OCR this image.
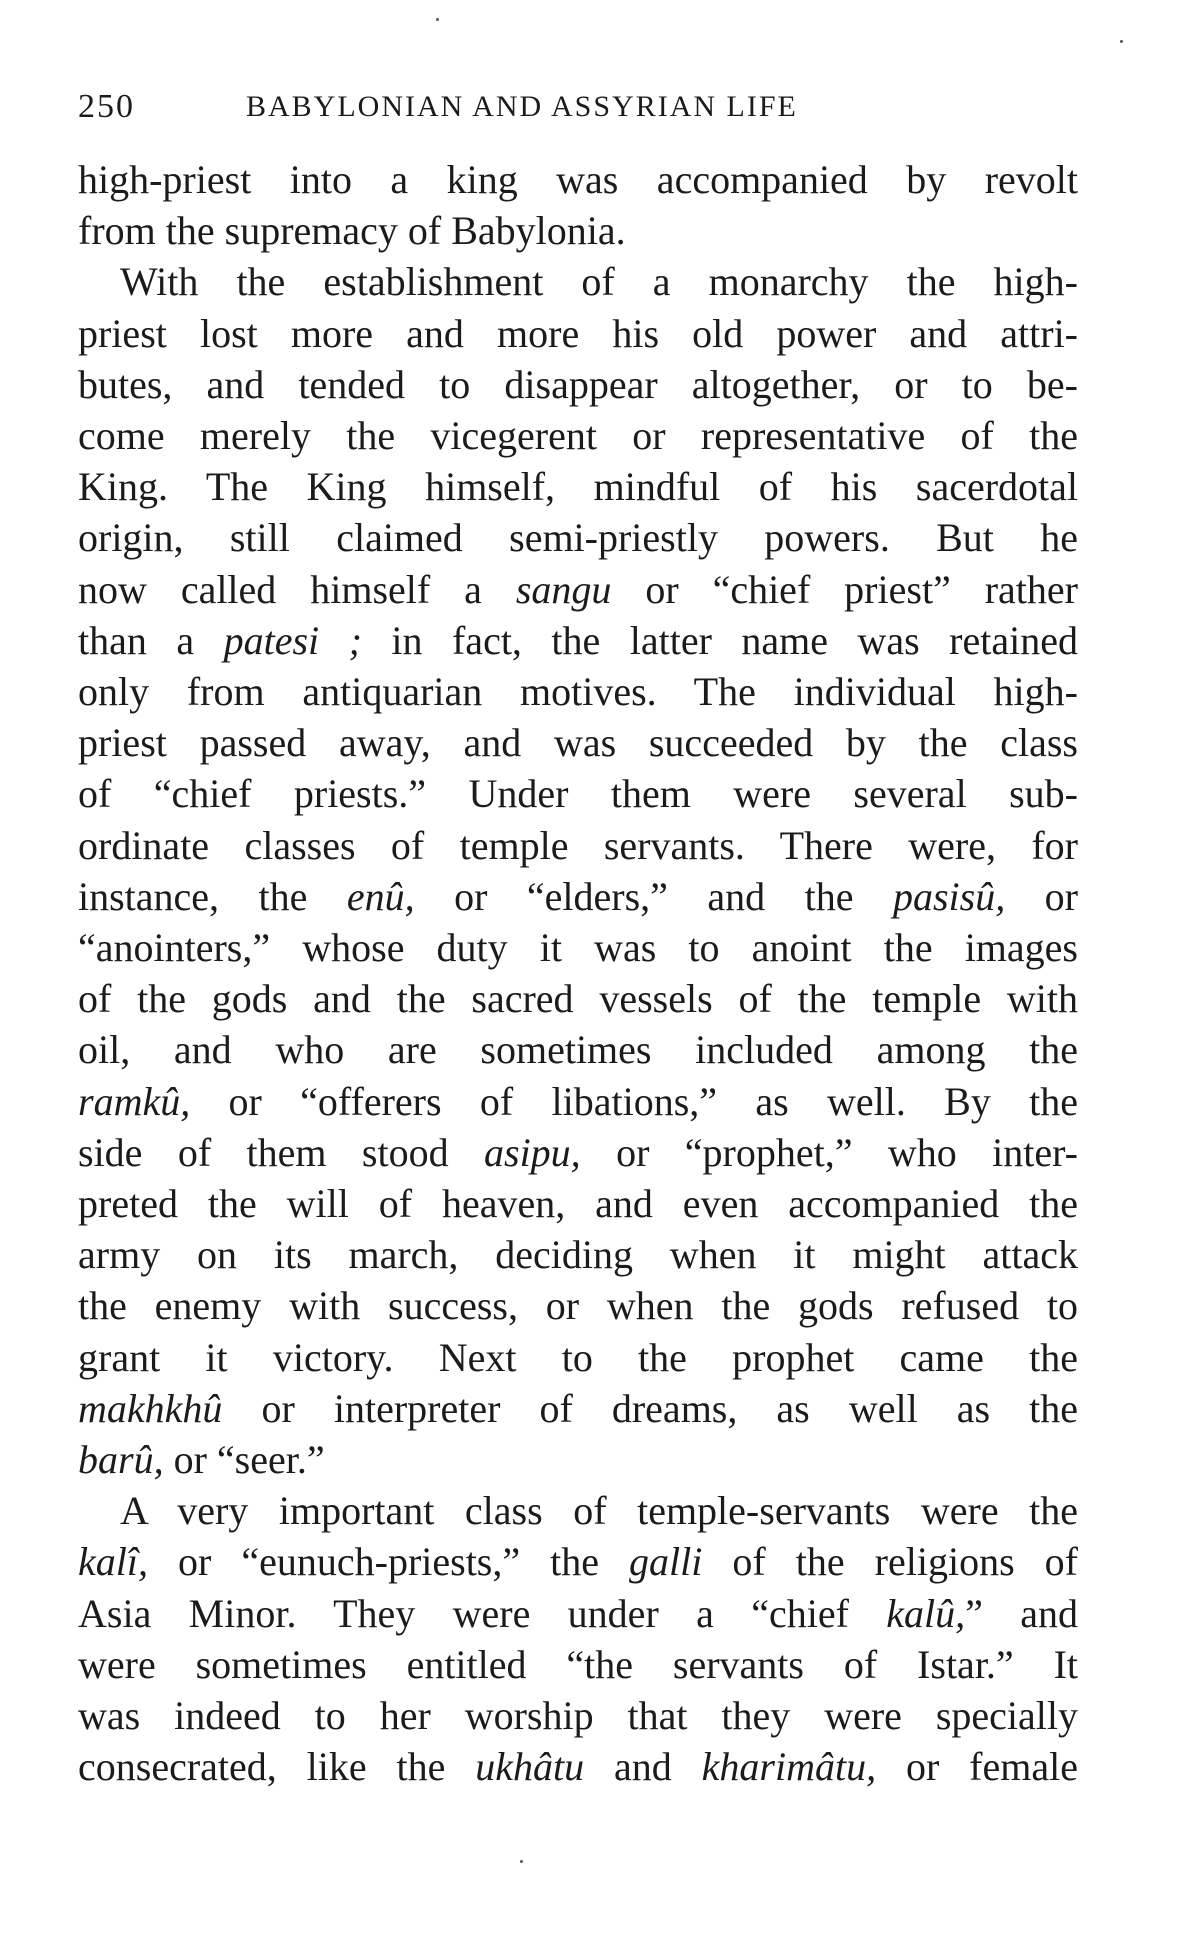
250	BABYLONIAN AND ASSYRIAN LIFE
high-priest into a king was accompanied by revolt
from the supremacy of Babylonia.
With the establishment of a monarchy the high-
priest lost more and more his old power and attri-
butes, and tended to disappear altogether, or to be-
come merely the vicegerent or representative of the
King. The King himself, mindful of his sacerdotal
origin, still claimed semi-priestly powers. But he
now called himself a sangu or “chief priest” rather
than a patesi ; in fact, the latter name was retained
only from antiquarian motives. The individual high-
priest passed away, and was succeeded by the class
of “chief priests.” Under them were several sub-
ordinate classes of temple servants. There were, for
instance, the enû, or “elders,” and the pasisû, or
“anointers,” whose duty it was to anoint the images
of the gods and the sacred vessels of the temple with
oil, and who are sometimes included among the
ramkû, or “offerers of libations,” as well. By the
side of them stood asipu, or “prophet,” who inter-
preted the will of heaven, and even accompanied the
army on its march, deciding when it might attack
the enemy with success, or when the gods refused to
grant it victory. Next to the prophet came the
makhkhû or interpreter of dreams, as well as the
barû, or “seer.”
A very important class of temple-servants were the
kalî, or “eunuch-priests,” the galli of the religions of
Asia Minor. They were under a “chief kalû,” and
were sometimes entitled “the servants of Istar.” It
was indeed to her worship that they were specially
consecrated, like the ukhâtu and kharimâtu, or female
